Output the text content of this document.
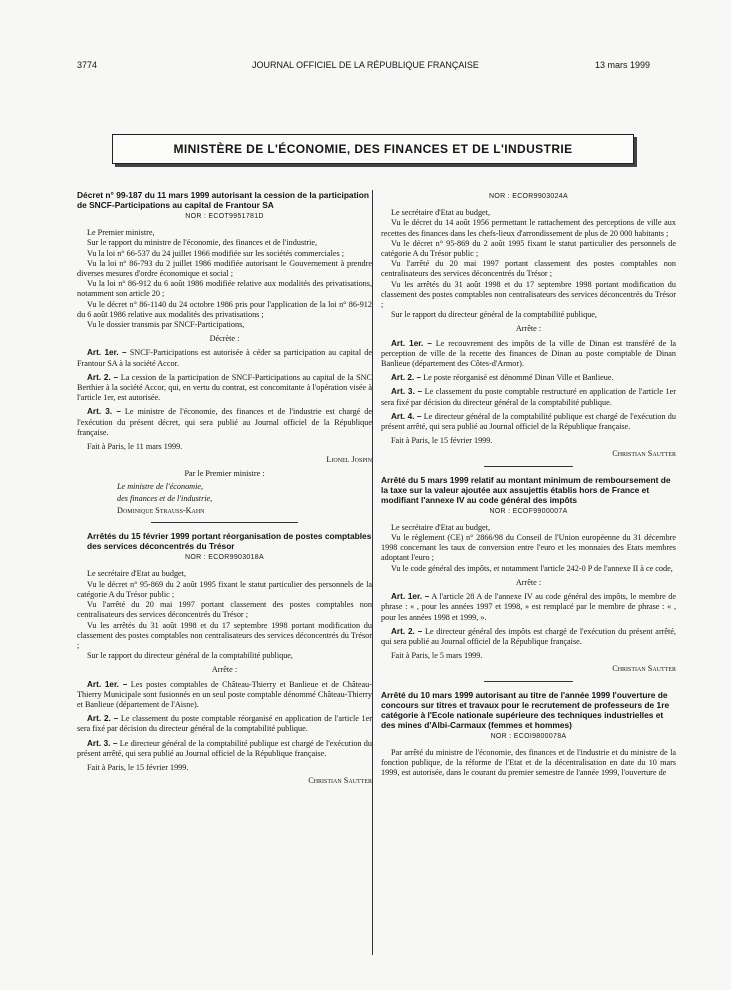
3774	JOURNAL OFFICIEL DE LA RÉPUBLIQUE FRANÇAISE	13 mars 1999
MINISTÈRE DE L'ÉCONOMIE, DES FINANCES ET DE L'INDUSTRIE
Décret n° 99-187 du 11 mars 1999 autorisant la cession de la participation de SNCF-Participations au capital de Frantour SA
NOR : ECOT9951781D

Le Premier ministre,

Sur le rapport du ministre de l'économie, des finances et de l'industrie,

Vu la loi n° 66-537 du 24 juillet 1966 modifiée sur les sociétés commerciales ;

Vu la loi n° 86-793 du 2 juillet 1986 modifiée autorisant le Gouvernement à prendre diverses mesures d'ordre économique et social ;

Vu la loi n° 86-912 du 6 août 1986 modifiée relative aux modalités des privatisations, notamment son article 20 ;

Vu le décret n° 86-1140 du 24 octobre 1986 pris pour l'application de la loi n° 86-912 du 6 août 1986 relative aux modalités des privatisations ;

Vu le dossier transmis par SNCF-Participations,

Décrète :

Art. 1er. – SNCF-Participations est autorisée à céder sa participation au capital de Frantour SA à la société Accor.

Art. 2. – La cession de la participation de SNCF-Participations au capital de la SNC Berthier à la société Accor, qui, en vertu du contrat, est concomitante à l'opération visée à l'article 1er, est autorisée.

Art. 3. – Le ministre de l'économie, des finances et de l'industrie est chargé de l'exécution du présent décret, qui sera publié au Journal officiel de la République française.

Fait à Paris, le 11 mars 1999.

Lionel Jospin
Par le Premier ministre :
Le ministre de l'économie,
des finances et de l'industrie,
Dominique Strauss-Kahn
Arrêtés du 15 février 1999 portant réorganisation de postes comptables des services déconcentrés du Trésor
NOR : ECOR9903018A

Le secrétaire d'Etat au budget,

Vu le décret n° 95-869 du 2 août 1995 fixant le statut particulier des personnels de la catégorie A du Trésor public ;

Vu l'arrêté du 20 mai 1997 portant classement des postes comptables non centralisateurs des services déconcentrés du Trésor ;

Vu les arrêtés du 31 août 1998 et du 17 septembre 1998 portant modification du classement des postes comptables non centralisateurs des services déconcentrés du Trésor ;

Sur le rapport du directeur général de la comptabilité publique,

Arrête :

Art. 1er. – Les postes comptables de Château-Thierry et Banlieue et de Château-Thierry Municipale sont fusionnés en un seul poste comptable dénommé Château-Thierry et Banlieue (département de l'Aisne).

Art. 2. – Le classement du poste comptable réorganisé en application de l'article 1er sera fixé par décision du directeur général de la comptabilité publique.

Art. 3. – Le directeur général de la comptabilité publique est chargé de l'exécution du présent arrêté, qui sera publié au Journal officiel de la République française.

Fait à Paris, le 15 février 1999.

Christian Sautter
NOR : ECOR9903024A

Le secrétaire d'Etat au budget,

Vu le décret du 14 août 1956 permettant le rattachement des perceptions de ville aux recettes des finances dans les chefs-lieux d'arrondissement de plus de 20 000 habitants ;

Vu le décret n° 95-869 du 2 août 1995 fixant le statut particulier des personnels de catégorie A du Trésor public ;

Vu l'arrêté du 20 mai 1997 portant classement des postes comptables non centralisateurs des services déconcentrés du Trésor ;

Vu les arrêtés du 31 août 1998 et du 17 septembre 1998 portant modification du classement des postes comptables non centralisateurs des services déconcentrés du Trésor ;

Sur le rapport du directeur général de la comptabilité publique,

Arrête :

Art. 1er. – Le recouvrement des impôts de la ville de Dinan est transféré de la perception de ville de la recette des finances de Dinan au poste comptable de Dinan Banlieue (département des Côtes-d'Armor).

Art. 2. – Le poste réorganisé est dénommé Dinan Ville et Banlieue.

Art. 3. – Le classement du poste comptable restructuré en application de l'article 1er sera fixé par décision du directeur général de la comptabilité publique.

Art. 4. – Le directeur général de la comptabilité publique est chargé de l'exécution du présent arrêté, qui sera publié au Journal officiel de la République française.

Fait à Paris, le 15 février 1999.

Christian Sautter
Arrêté du 5 mars 1999 relatif au montant minimum de remboursement de la taxe sur la valeur ajoutée aux assujettis établis hors de France et modifiant l'annexe IV au code général des impôts
NOR : ECOF9900007A

Le secrétaire d'Etat au budget,

Vu le règlement (CE) n° 2866/98 du Conseil de l'Union européenne du 31 décembre 1998 concernant les taux de conversion entre l'euro et les monnaies des Etats membres adoptant l'euro ;

Vu le code général des impôts, et notamment l'article 242-0 P de l'annexe II à ce code,

Arrête :

Art. 1er. – A l'article 28 A de l'annexe IV au code général des impôts, le membre de phrase : « , pour les années 1997 et 1998, » est remplacé par le membre de phrase : « , pour les années 1998 et 1999, ».

Art. 2. – Le directeur général des impôts est chargé de l'exécution du présent arrêté, qui sera publié au Journal officiel de la République française.

Fait à Paris, le 5 mars 1999.

Christian Sautter
Arrêté du 10 mars 1999 autorisant au titre de l'année 1999 l'ouverture de concours sur titres et travaux pour le recrutement de professeurs de 1re catégorie à l'Ecole nationale supérieure des techniques industrielles et des mines d'Albi-Carmaux (femmes et hommes)
NOR : ECOI9800078A

Par arrêté du ministre de l'économie, des finances et de l'industrie et du ministre de la fonction publique, de la réforme de l'Etat et de la décentralisation en date du 10 mars 1999, est autorisée, dans le courant du premier semestre de l'année 1999, l'ouverture de
